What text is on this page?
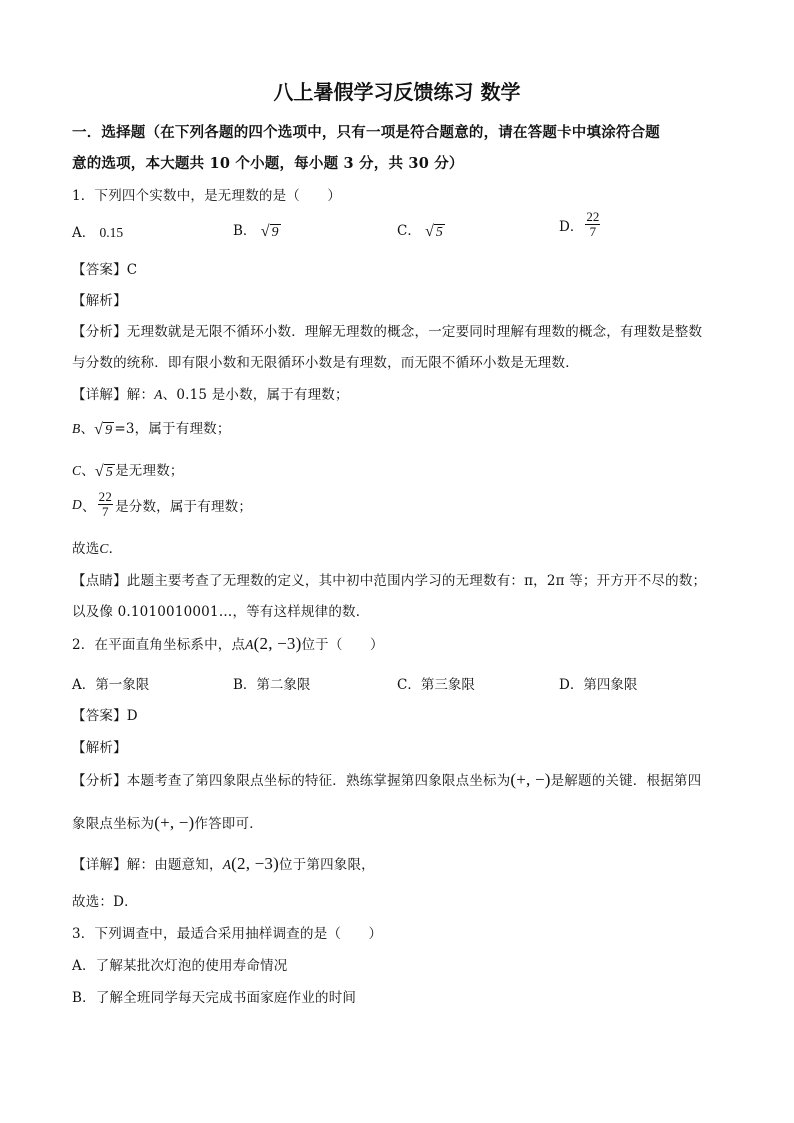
八上暑假学习反馈练习 数学
一．选择题（在下列各题的四个选项中，只有一项是符合题意的，请在答题卡中填涂符合题
意的选项，本大题共 10 个小题，每小题 3 分，共 30 分）
1．下列四个实数中，是无理数的是（　　）
A． 0.15	B． √ 9	C． √ 5	D． $\frac{22}{7}$
【答案】C
【解析】
【分析】无理数就是无限不循环小数．理解无理数的概念，一定要同时理解有理数的概念，有理数是整数
与分数的统称．即有限小数和无限循环小数是有理数，而无限不循环小数是无理数．
【详解】解：A、0.15 是小数，属于有理数；
B、 √ 9 =3，属于有理数；
C、 √ 5 是无理数；
D 、 $\frac{22}{7}$ 是分数，属于有理数；
故选C．
【点睛】此题主要考查了无理数的定义，其中初中范围内学习的无理数有：π，2π 等；开方开不尽的数；
以及像 0.1010010001…，等有这样规律的数．
2．在平面直角坐标系中，点A(2, −3)位于（　　）
A．第一象限	B．第二象限	C．第三象限	D．第四象限
【答案】D
【解析】
【分析】本题考查了第四象限点坐标的特征．熟练掌握第四象限点坐标为(+, −)是解题的关键．根据第四
象限点坐标为(+, −)作答即可．
【详解】解：由题意知，A(2, −3)位于第四象限，
故选：D．
3．下列调查中，最适合采用抽样调查的是（　　）
A．了解某批次灯泡的使用寿命情况
B．了解全班同学每天完成书面家庭作业的时间
